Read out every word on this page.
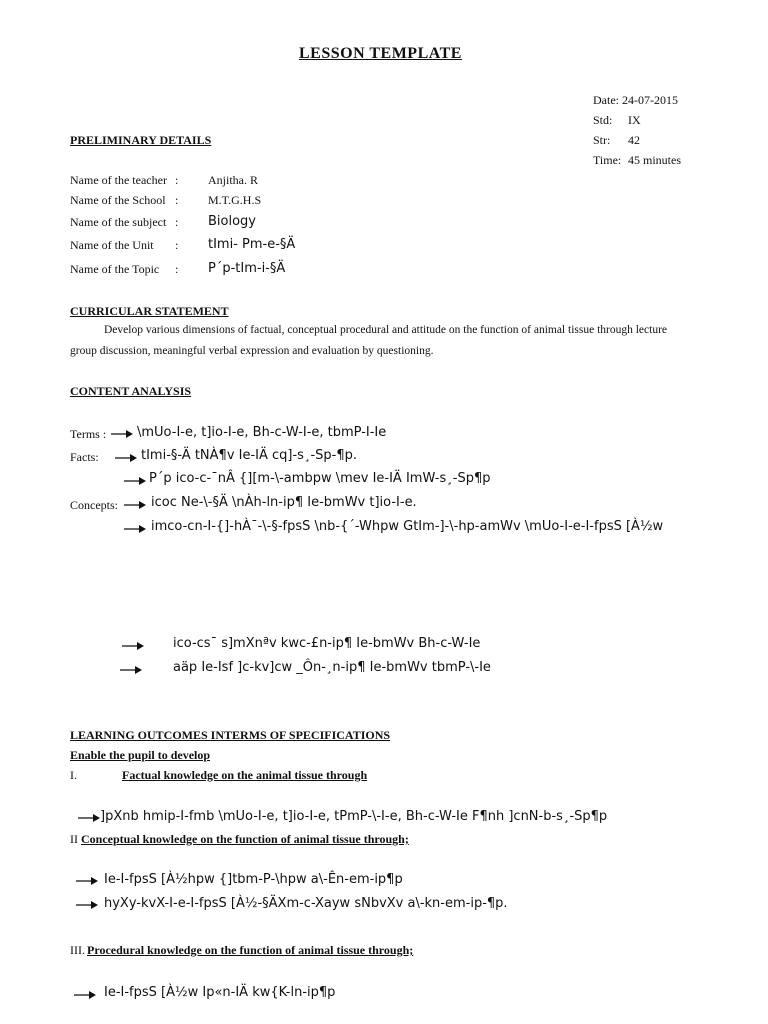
LESSON TEMPLATE
Date: 24-07-2015
Std: IX
Str: 42
Time: 45 minutes
PRELIMINARY DETAILS
Name of the teacher : Anjitha. R
Name of the School : M.T.G.H.S
Name of the subject : Biology
Name of the Unit : tImi- Pm-e-§Ä
Name of the Topic : P´p-tIm-i-§Ä
CURRICULAR STATEMENT
Develop various dimensions of factual, conceptual procedural and attitude on the function of animal tissue through lecture
group discussion, meaningful verbal expression and evaluation by questioning.
CONTENT ANALYSIS
Terms : \mUo-I-e, t]io-I-e, Bh-c-W-I-e, tbmP-I-Ie
Facts:	tImi-§-Ä tNÀ¶v Ie-IÄ cq]-s¸-Sp-¶p.
P´p ico-c-¯nÂ {][m-\-ambpw \mev Ie-IÄ ImW-s¸-Sp¶p
Concepts:	icoc Ne-\-§Ä \nÀh-ln-ip¶ Ie-bmWv t]io-I-e.
imco-cn-I-{]-hÀ¯-\-§-fpsS \nb-{´-Whpw GtIm-]-\-hp-amWv \mUo-I-e-I-fpsS [À½w
ico-cs¯ s]mXnªv kwc-£n-ip¶ Ie-bmWv Bh-c-W-Ie
aäp Ie-Isf ]c-kv]cw _Ôn-¸n-ip¶ Ie-bmWv tbmP-\-Ie
LEARNING OUTCOMES INTERMS OF SPECIFICATIONS
Enable the pupil to develop
I.	Factual knowledge on the animal tissue through
]pXnb hmip-I-fmb \mUo-I-e, t]io-I-e, tPmP-\-I-e, Bh-c-W-Ie F¶nh ]cnN-b-s¸-Sp¶p
II Conceptual knowledge on the function of animal tissue through;
Ie-I-fpsS [À½hpw {]tbm-P-\hpw a\-Ên-em-ip¶p
hyXy-kvX-I-e-I-fpsS [À½-§ÄXm-c-Xayw sNbvXv a\-kn-em-ip-¶p.
III. Procedural knowledge on the function of animal tissue through;
Ie-I-fpsS [À½w Ip«n-IÄ kw{K-ln-ip¶p
